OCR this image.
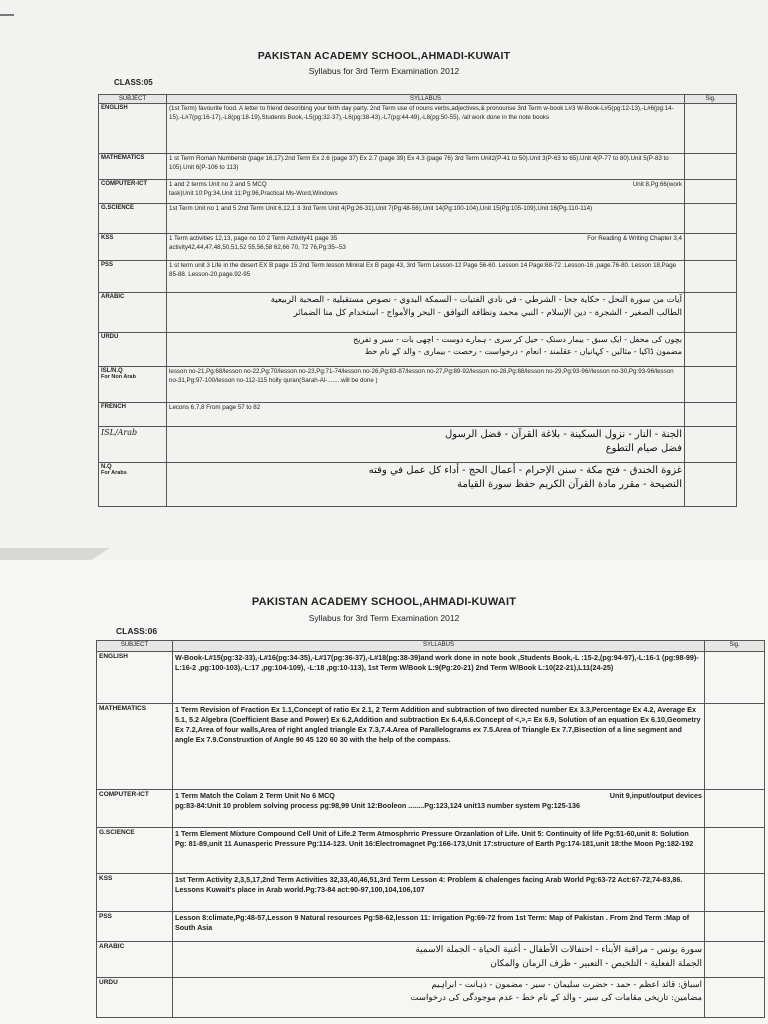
PAKISTAN ACADEMY SCHOOL,AHMADI-KUWAIT
Syllabus for 3rd Term Examination 2012
CLASS:05
SUBJECT	SYLLABUS	Sig.
ENGLISH	(1st Term) favourite food. A letter to friend describing your birth day party. 2nd Term use of nouns verbs,adjectives,& pronounse 3rd Term w-book L#3 W-Book-L#5(pg:12-13),-L#6(pg:14-15),-L#7(pg:16-17),-L8(pg:18-19),Students Book,-L5(pg:32-37),-L6(pg:38-43),-L7(pg:44-49),-L8(pg:50-55), /all work done in the note books	
MATHEMATICS	1 st Term Roman Numbersb (page 16,17).2nd Term Ex 2.6 (page 37) Ex 2.7 (page 39) Ex 4.3 (page 76) 3rd Term Unit2(P-41 to 50).Unit 3(P-63 to 65).Unit 4(P-77 to 80).Unit 5(P-83 to 105).Unit 6(P-106 to 113)	
COMPUTER-ICT	Unit 8,Pg:66(work
1 and 2 terms Unit no 2 and 5 MCQ
task)Unit 10:Pg:34,Unit 11:Pg:96,Practical Ms-Word,Windows	
G.SCIENCE	1st Term Unit no 1 and 5 2nd Term Unit 6,12,1 3 3rd Term Unit 4(Pg:26-31),Unit 7(Pg:48-56),Unit 14(Pg:100-104),Unit 15(Pg:105-109),Unit 16(Pg.110-114)	
KSS	For Reading & Writing Chapter 3,4
1 Term activities 12,13, page no 10 2 Term Activity41 page 35
activity42,44,47,48,50,51,52 55,56,58 62,66 70, 72 76,Pg:35--53	
PSS	1 st term unit 3 Life in the desert EX B page 15 2nd Term lesson Miniral Ex B page 43, 3rd Term Lesson-12 Page 56-60. Lesson 14 Page:68-72 .Lesson-16 ,page.76-80. Lesson 18,Page 85-88. Lesson-20,page.92-95	
ARABIC	آيات من سورة النحل - حكاية جحا - الشرطي - في نادي الفتيات - السمكة البدوي - نصوص مستقبلية - الصحبة الربيعية
الطالب الصغير - الشجرة - دين الإسلام - النبي محمد ونظافة التوافق - البحر والأمواج - استخدام كل منا الضمائر	
URDU	بچوں کی محفل - ایک سبق - بیمار دستک - حیل کر سری - ہمارے دوست - اچھی بات - سیر و تفریح
مضمون ڈاکیا - مثالیں - کہانیاں - عقلمند - انعام - درخواست - رخصت - بیماری - والد کے نام خط	
ISL/N.Q
For Non Arab	lesson no-21,Pg:68/lesson no-22,Pg:70/lesson no-23,Pg:71-74/lesson no-26,Pg:83-87/lesson no-27,Pg:89-92/lesson no-28,Pg:88/lesson no-29,Pg:93-96//lesson no-30,Pg:93-96/lesson no-31,Pg:97-100/lesson no-112-115 holly quran(Sarah-Al-........will be done )	
FRENCH	Lecons 6,7,8 From page 57 to 82	
ISL/Arab	الجنة - النار - نزول السكينة - بلاغة القرآن - فضل الرسول
فضل صيام التطوع	
N.Q
For Arabs	غزوة الخندق - فتح مكة - سنن الإحرام - أعمال الحج - أداء كل عمل في وقته
النصيحة - مقرر مادة القرآن الكريم حفظ سورة القيامة	
PAKISTAN ACADEMY SCHOOL,AHMADI-KUWAIT
Syllabus for 3rd Term Examination 2012
CLASS:06
SUBJECT	SYLLABUS	Sig.
ENGLISH	W-Book-L#15(pg:32-33),-L#16(pg:34-35),-L#17(pg:36-37),-L#18(pg:38-39)and work done in note book ,Students Book,-L :15-2,(pg:94-97),-L:16-1 (pg:98-99)-L:16-2 ,pg:100-103),-L:17 ,pg:104-109), -L:18 ,pg:10-113), 1st Term W/Book L:9(Pg:20-21) 2nd Term W/Book L:10(22-21),L11(24-25)	
MATHEMATICS	1 Term Revision of Fraction Ex 1.1,Concept of ratio Ex 2.1, 2 Term Addition and subtraction of two directed number Ex 3.3,Percentage Ex 4.2, Average Ex 5.1, 5.2 Algebra (Coefficient Base and Power) Ex 6.2,Addition and subtraction Ex 6.4,6.6.Concept of <,>,= Ex 6.9, Solution of an equation Ex 6.10,Geometry Ex 7.2,Area of four walls,Area of right angled triangle Ex 7.3,7.4.Area of Parallelograms ex 7.5.Area of Triangle Ex 7.7,Bisection of a line segment and angle Ex 7.9.Construxtion of Angle 90 45 120 60 30 with the help of the compass.	
COMPUTER-ICT	Unit 9,input/output devices
1 Term Match the Colam 2 Term Unit No 6 MCQ
pg:83-84:Unit 10 problem solving process pg:98,99 Unit 12:Booleon ........Pg:123,124 unit13 number system Pg:125-136	
G.SCIENCE	1 Term Element Mixture Compound Cell Unit of Life.2 Term Atmosphrric Pressure Orzanlation of Life. Unit 5: Continuity of life Pg:51-60,unit 8: Solution Pg: 81-89,unit 11 Aunasperic Pressure Pg:114-123. Unit 16:Electromagnet Pg:166-173,Unit 17:structure of Earth Pg:174-181,unit 18:the Moon Pg:182-192	
KSS	1st Term Activity 2,3,5,17,2nd Term Activities 32,33,40,46,51,3rd Term Lesson 4: Problem & chalenges facing Arab World Pg:63-72 Act:67-72,74-83,86. Lessons Kuwait's place in Arab world.Pg:73-84 act:90-97,100,104,106,107	
PSS	Lesson 8:climate,Pg:48-57,Lesson 9 Natural resources Pg:58-62,lesson 11: Irrigation Pg:69-72 from 1st Term: Map of Pakistan . From 2nd Term :Map of South Asia	
ARABIC	سورة يونس - مراقبة الأبناء - احتفالات الأطفال - أغنية الحياة - الجملة الاسمية
الجملة الفعلية - التلخيص - التعبير - ظرف الزمان والمكان	
URDU	اسباق: قائد اعظم - حمد - حضرت سلیمان - سیر - مضمون - ذہانت - ابراہیم
مضامین: تاریخی مقامات کی سیر - والد کے نام خط - عدم موجودگی کی درخواست	
